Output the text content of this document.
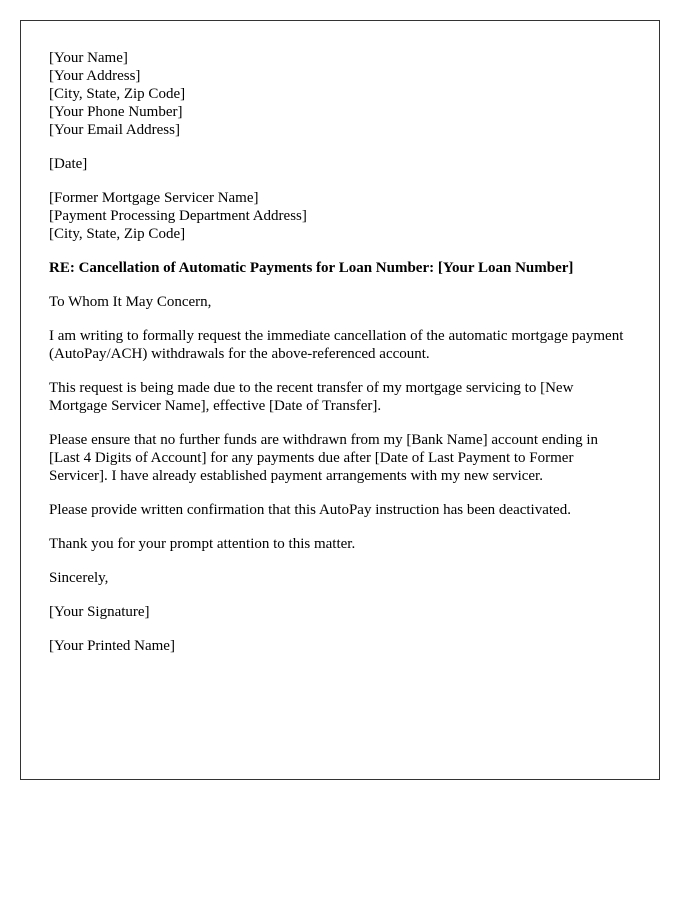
[Your Name]
[Your Address]
[City, State, Zip Code]
[Your Phone Number]
[Your Email Address]

[Date]

[Former Mortgage Servicer Name]
[Payment Processing Department Address]
[City, State, Zip Code]

RE: Cancellation of Automatic Payments for Loan Number: [Your Loan Number]

To Whom It May Concern,

I am writing to formally request the immediate cancellation of the automatic mortgage payment (AutoPay/ACH) withdrawals for the above-referenced account.

This request is being made due to the recent transfer of my mortgage servicing to [New Mortgage Servicer Name], effective [Date of Transfer].

Please ensure that no further funds are withdrawn from my [Bank Name] account ending in [Last 4 Digits of Account] for any payments due after [Date of Last Payment to Former Servicer]. I have already established payment arrangements with my new servicer.

Please provide written confirmation that this AutoPay instruction has been deactivated.

Thank you for your prompt attention to this matter.

Sincerely,

[Your Signature]

[Your Printed Name]
